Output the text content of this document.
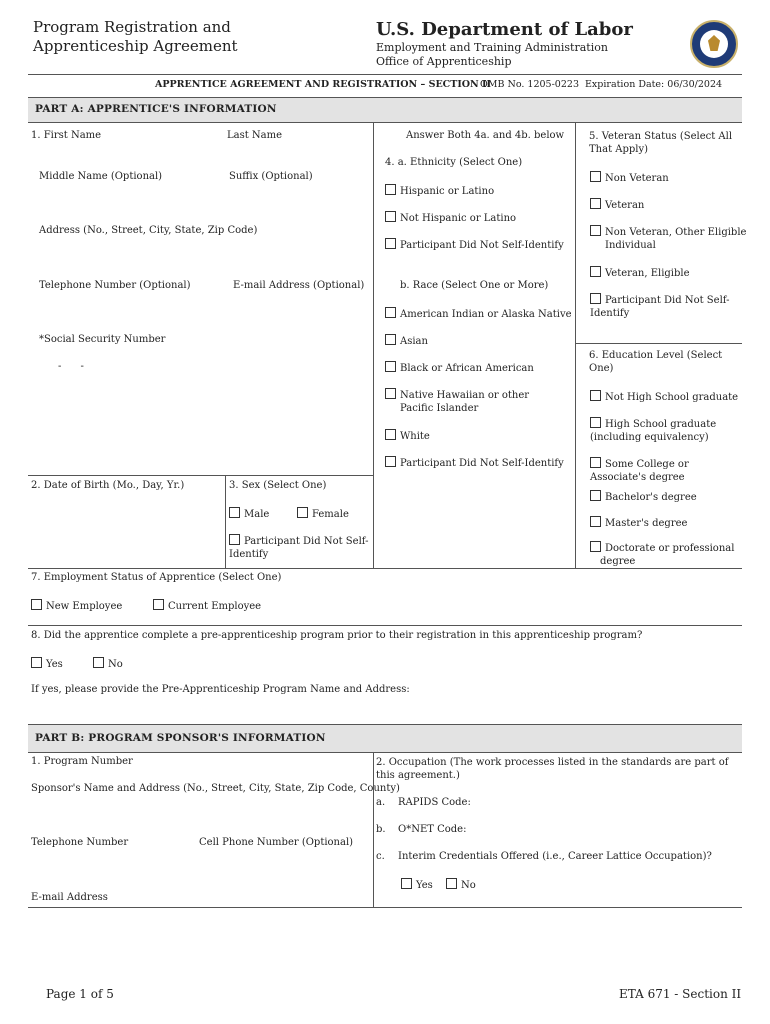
Program Registration and
Apprenticeship Agreement
U.S. Department of Labor
Employment and Training Administration
Office of Apprenticeship
APPRENTICE AGREEMENT AND REGISTRATION – SECTION II
OMB No. 1205-0223 Expiration Date: 06/30/2024
PART A: APPRENTICE'S INFORMATION
1. First Name	Last Name
Middle Name (Optional)	Suffix (Optional)
Address (No., Street, City, State, Zip Code)
Telephone Number (Optional)	E-mail Address (Optional)
*Social Security Number
-      -
2. Date of Birth (Mo., Day, Yr.)	3. Sex (Select One)
Male	Female
Participant Did Not Self-Identify
Answer Both 4a. and 4b. below
4. a. Ethnicity (Select One)
Hispanic or Latino
Not Hispanic or Latino
Participant Did Not Self-Identify
b. Race (Select One or More)
American Indian or Alaska Native
Asian
Black or African American
Native Hawaiian or other Pacific Islander
White
Participant Did Not Self-Identify
5. Veteran Status (Select All That Apply)
Non Veteran
Veteran
Non Veteran, Other Eligible Individual
Veteran, Eligible
Participant Did Not Self-Identify
6. Education Level (Select One)
Not High School graduate
High School graduate (including equivalency)
Some College or Associate's degree
Bachelor's degree
Master's degree
Doctorate or professional degree
7. Employment Status of Apprentice (Select One)
New Employee	Current Employee
8. Did the apprentice complete a pre-apprenticeship program prior to their registration in this apprenticeship program?
Yes	No
If yes, please provide the Pre-Apprenticeship Program Name and Address:
PART B: PROGRAM SPONSOR'S INFORMATION
1. Program Number
Sponsor's Name and Address (No., Street, City, State, Zip Code, County)
Telephone Number	Cell Phone Number (Optional)
E-mail Address
2. Occupation (The work processes listed in the standards are part of this agreement.)
a. RAPIDS Code:
b. O*NET Code:
c. Interim Credentials Offered (i.e., Career Lattice Occupation)?
Yes	No
Page 1 of 5	ETA 671 - Section II
